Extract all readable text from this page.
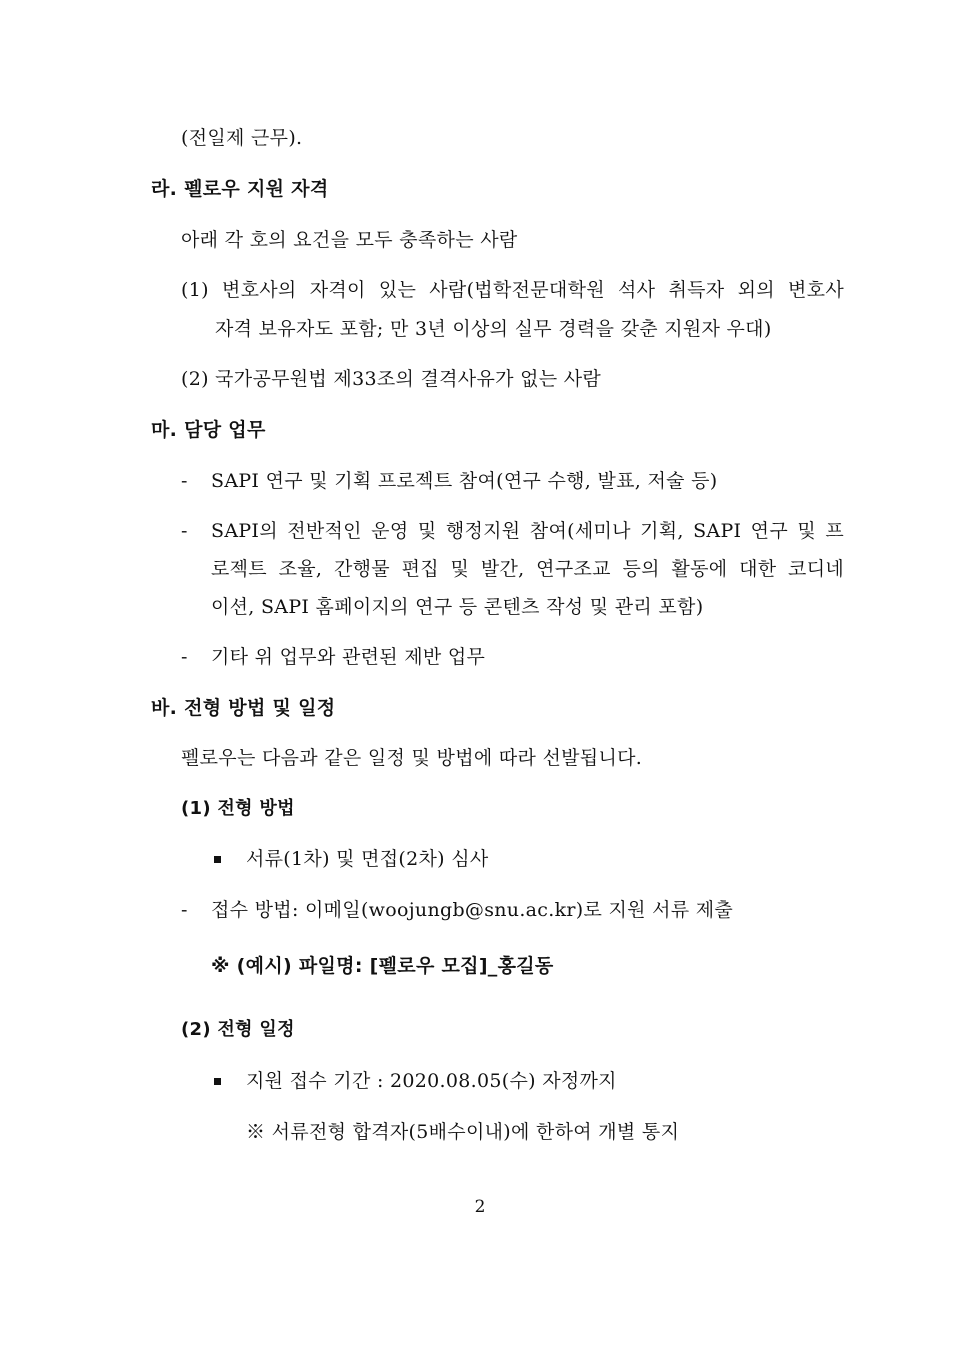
(전일제 근무).
라. 펠로우 지원 자격
아래 각 호의 요건을 모두 충족하는 사람
(1) 변호사의 자격이 있는 사람(법학전문대학원 석사 취득자 외의 변호사
자격 보유자도 포함; 만 3년 이상의 실무 경력을 갖춘 지원자 우대)
(2) 국가공무원법 제33조의 결격사유가 없는 사람
마. 담당 업무
- SAPI 연구 및 기획 프로젝트 참여(연구 수행, 발표, 저술 등)
- SAPI의 전반적인 운영 및 행정지원 참여(세미나 기획, SAPI 연구 및 프
로젝트 조율, 간행물 편집 및 발간, 연구조교 등의 활동에 대한 코디네
이션, SAPI 홈페이지의 연구 등 콘텐츠 작성 및 관리 포함)
- 기타 위 업무와 관련된 제반 업무
바. 전형 방법 및 일정
펠로우는 다음과 같은 일정 및 방법에 따라 선발됩니다.
(1) 전형 방법
서류(1차) 및 면접(2차) 심사
- 접수 방법: 이메일(woojungb@snu.ac.kr)로 지원 서류 제출
※ (예시) 파일명: [펠로우 모집]_홍길동
(2) 전형 일정
지원 접수 기간 : 2020.08.05(수) 자정까지
※ 서류전형 합격자(5배수이내)에 한하여 개별 통지
2
